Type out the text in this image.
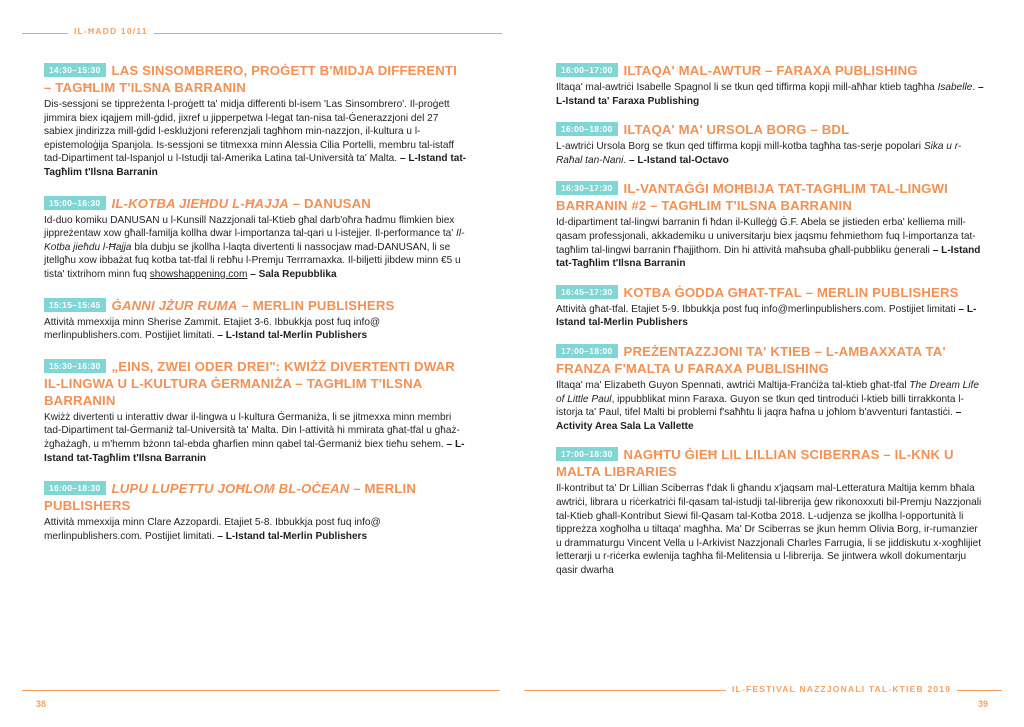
IL-ĦADD 10/11
14:30–15:30 LAS SINSOMBRERO, PROĠETT B'MIDJA DIFFERENTI – TAGĦLIM T'ILSNA BARRANIN
Dis-sessjoni se tippreżenta l-proġett ta' midja differenti bl-isem 'Las Sinsombrero'. Il-proġett jimmira biex iqajjem mill-ġdid, jixref u jipperpetwa l-legat tan-nisa tal-Ġenerazzjoni del 27 sabiex jindirizza mill-ġdid l-esklużjoni referenzjali tagħhom min-nazzjon, il-kultura u l-epistemoloġija Spanjola. Is-sessjoni se titmexxa minn Alessia Cilia Portelli, membru tal-istaff tad-Dipartiment tal-Ispanjol u l-Istudji tal-Amerika Latina tal-Università ta' Malta. – L-Istand tat-Tagħlim t'Ilsna Barranin
15:00–16:30 IL-KOTBA JIEĦDU L-ĦAJJA – DANUSAN
Id-duo komiku DANUSAN u l-Kunsill Nazzjonali tal-Ktieb għal darb'oħra ħadmu flimkien biex jippreżentaw xow għall-familja kollha dwar l-importanza tal-qari u l-istejjer. Il-performance ta' Il-Kotba jieħdu l-Ħajja bla dubju se jkollha l-laqta divertenti li nassocjaw mad-DANUSAN, li se jtellgħu xow ibbażat fuq kotba tat-tfal li rebħu l-Premju Terrramaxka. Il-biljetti jibdew minn €5 u tista' tixtrihom minn fuq showshappening.com – Sala Repubblika
15:15–15:45 ĠANNI JŻUR RUMA – MERLIN PUBLISHERS
Attività mmexxija minn Sherise Zammit. Etajiet 3-6. Ibbukkja post fuq info@ merlinpublishers.com. Postijiet limitati. – L-Istand tal-Merlin Publishers
15:30–16:30 „EINS, ZWEI ODER DREI": KWIŻŻ DIVERTENTI DWAR IL-LINGWA U L-KULTURA ĠERMANIŻA – TAGĦLIM T'ILSNA BARRANIN
Kwiżż divertenti u interattiv dwar il-lingwa u l-kultura Ġermaniża, li se jitmexxa minn membri tad-Dipartiment tal-Ġermaniż tal-Università ta' Malta. Din l-attività hi mmirata għat-tfal u għaż-żgħażagħ, u m'hemm bżonn tal-ebda għarfien minn qabel tal-Ġermaniż biex tieħu sehem. – L-Istand tat-Tagħlim t'Ilsna Barranin
16:00–18:30 LUPU LUPETTU JOĦLOM BL-OĊEAN – MERLIN PUBLISHERS
Attività mmexxija minn Clare Azzopardi. Etajiet 5-8. Ibbukkja post fuq info@ merlinpublishers.com. Postijiet limitati. – L-Istand tal-Merlin Publishers
16:00–17:00 ILTAQA' MAL-AWTUR – FARAXA PUBLISHING
Iltaqa' mal-awtriċi Isabelle Spagnol li se tkun qed tiffirma kopji mill-aħħar ktieb tagħha Isabelle. – L-Istand ta' Faraxa Publishing
16:00–18:00 ILTAQA' MA' URSOLA BORG – BDL
L-awtriċi Ursola Borg se tkun qed tiffirma kopji mill-kotba tagħha tas-serje popolari Sika u r-Raħal tan-Nani. – L-Istand tal-Octavo
16:30–17:30 IL-VANTAĠĠI MOĦBIJA TAT-TAGĦLIM TAL-LINGWI BARRANIN #2 – TAGĦLIM T'ILSNA BARRANIN
Id-dipartiment tal-lingwi barranin fi ħdan il-Kulleġġ Ġ.F. Abela se jistieden erba' kelliema mill-qasam professjonali, akkademiku u universitarju biex jaqsmu fehmiethom fuq l-importanza tat-tagħlim tal-lingwi barranin f'ħajjithom. Din hi attività maħsuba għall-pubbliku ġenerali – L-Istand tat-Tagħlim t'Ilsna Barranin
16:45–17:30 KOTBA ĠODDA GĦAT-TFAL – MERLIN PUBLISHERS
Attività għat-tfal. Etajiet 5-9. Ibbukkja post fuq info@merlinpublishers.com. Postijiet limitati – L-Istand tal-Merlin Publishers
17:00–18:00 PREŻENTAZZJONI TA' KTIEB – L-AMBAXXATA TA' FRANZA F'MALTA U FARAXA PUBLISHING
Iltaqa' ma' Elizabeth Guyon Spennati, awtriċi Maltija-Franċiża tal-ktieb għat-tfal The Dream Life of Little Paul, ippubblikat minn Faraxa. Guyon se tkun qed tintroduċi l-ktieb billi tirrakkonta l-istorja ta' Paul, tifel Malti bi problemi f'saħħtu li jaqra ħafna u joħlom b'avventuri fantastiċi. – Activity Area Sala La Vallette
17:00–18:30 NAGĦTU ĠIEĦ LIL LILLIAN SCIBERRAS – IL-KNK U MALTA LIBRARIES
Il-kontribut ta' Dr Lillian Sciberras f'dak li għandu x'jaqsam mal-Letteratura Maltija kemm bħala awtriċi, librara u riċerkatriċi fil-qasam tal-istudji tal-librerija ġew rikonoxxuti bil-Premju Nazzjonali tal-Ktieb għall-Kontribut Siewi fil-Qasam tal-Kotba 2018. L-udjenza se jkollha l-opportunità li tippreżza xogħolha u tiltaqa' magħha. Ma' Dr Sciberras se jkun hemm Olivia Borg, ir-rumanzier u drammaturgu Vincent Vella u l-Arkivist Nazzjonali Charles Farrugia, li se jiddiskutu x-xogħlijiet letterarji u r-riċerka ewlenija tagħha fil-Melitensia u l-librerija. Se jintwera wkoll dokumentarju qasir dwarha
IL-FESTIVAL NAZZJONALI TAL-KTIEB 2019
38	39
